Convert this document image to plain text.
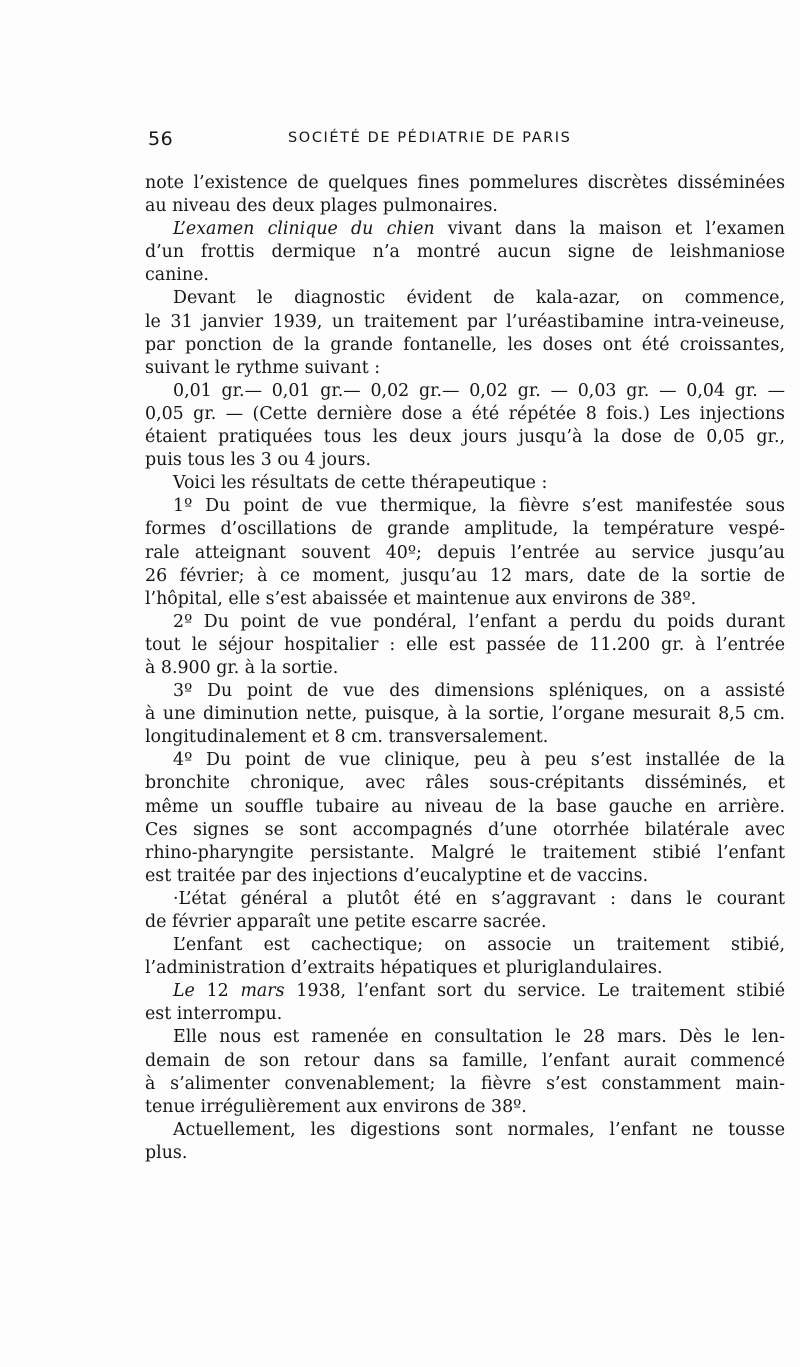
56	SOCIÉTÉ DE PÉDIATRIE DE PARIS
note l’existence de quelques fines pommelures discrètes disséminées
au niveau des deux plages pulmonaires.
L’examen clinique du chien vivant dans la maison et l’examen
d’un frottis dermique n’a montré aucun signe de leishmaniose
canine.
Devant le diagnostic évident de kala-azar, on commence,
le 31 janvier 1939, un traitement par l’uréastibamine intra-veineuse,
par ponction de la grande fontanelle, les doses ont été croissantes,
suivant le rythme suivant :
0,01 gr.— 0,01 gr.— 0,02 gr.— 0,02 gr. — 0,03 gr. — 0,04 gr. —
0,05 gr. — (Cette dernière dose a été répétée 8 fois.) Les injections
étaient pratiquées tous les deux jours jusqu’à la dose de 0,05 gr.,
puis tous les 3 ou 4 jours.
Voici les résultats de cette thérapeutique :
1º Du point de vue thermique, la fièvre s’est manifestée sous
formes d’oscillations de grande amplitude, la température vespé-
rale atteignant souvent 40º; depuis l’entrée au service jusqu’au
26 février; à ce moment, jusqu’au 12 mars, date de la sortie de
l’hôpital, elle s’est abaissée et maintenue aux environs de 38º.
2º Du point de vue pondéral, l’enfant a perdu du poids durant
tout le séjour hospitalier : elle est passée de 11.200 gr. à l’entrée
à 8.900 gr. à la sortie.
3º Du point de vue des dimensions spléniques, on a assisté
à une diminution nette, puisque, à la sortie, l’organe mesurait 8,5 cm.
longitudinalement et 8 cm. transversalement.
4º Du point de vue clinique, peu à peu s’est installée de la
bronchite chronique, avec râles sous-crépitants disséminés, et
même un souffle tubaire au niveau de la base gauche en arrière.
Ces signes se sont accompagnés d’une otorrhée bilatérale avec
rhino-pharyngite persistante. Malgré le traitement stibié l’enfant
est traitée par des injections d’eucalyptine et de vaccins.
·L’état général a plutôt été en s’aggravant : dans le courant
de février apparaît une petite escarre sacrée.
L’enfant est cachectique; on associe un traitement stibié,
l’administration d’extraits hépatiques et pluriglandulaires.
Le 12 mars 1938, l’enfant sort du service. Le traitement stibié
est interrompu.
Elle nous est ramenée en consultation le 28 mars. Dès le len-
demain de son retour dans sa famille, l’enfant aurait commencé
à s’alimenter convenablement; la fièvre s’est constamment main-
tenue irrégulièrement aux environs de 38º.
Actuellement, les digestions sont normales, l’enfant ne tousse
plus.
